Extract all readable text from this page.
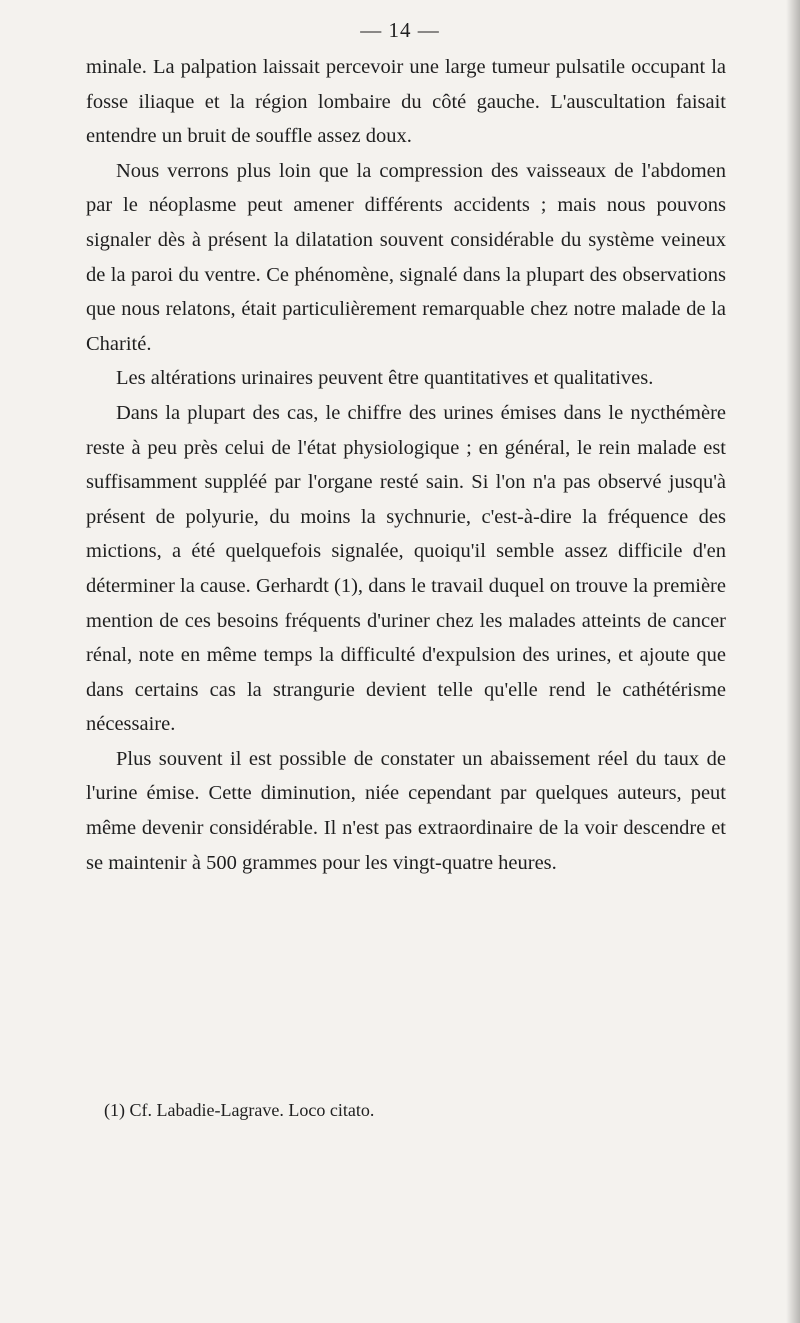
— 14 —

minale. La palpation laissait percevoir une large tumeur pulsatile occupant la fosse iliaque et la région lombaire du côté gauche. L'auscultation faisait entendre un bruit de souffle assez doux.

Nous verrons plus loin que la compression des vaisseaux de l'abdomen par le néoplasme peut amener différents accidents ; mais nous pouvons signaler dès à présent la dilatation souvent considérable du système veineux de la paroi du ventre. Ce phénomène, signalé dans la plupart des observations que nous relatons, était particulièrement remarquable chez notre malade de la Charité.

Les altérations urinaires peuvent être quantitatives et qualitatives.

Dans la plupart des cas, le chiffre des urines émises dans le nycthémère reste à peu près celui de l'état physiologique ; en général, le rein malade est suffisamment suppléé par l'organe resté sain. Si l'on n'a pas observé jusqu'à présent de polyurie, du moins la sychnurie, c'est-à-dire la fréquence des mictions, a été quelquefois signalée, quoiqu'il semble assez difficile d'en déterminer la cause. Gerhardt (1), dans le travail duquel on trouve la première mention de ces besoins fréquents d'uriner chez les malades atteints de cancer rénal, note en même temps la difficulté d'expulsion des urines, et ajoute que dans certains cas la strangurie devient telle qu'elle rend le cathétérisme nécessaire.

Plus souvent il est possible de constater un abaissement réel du taux de l'urine émise. Cette diminution, niée cependant par quelques auteurs, peut même devenir considérable. Il n'est pas extraordinaire de la voir descendre et se maintenir à 500 grammes pour les vingt-quatre heures.

(1) Cf. Labadie-Lagrave. Loco citato.
